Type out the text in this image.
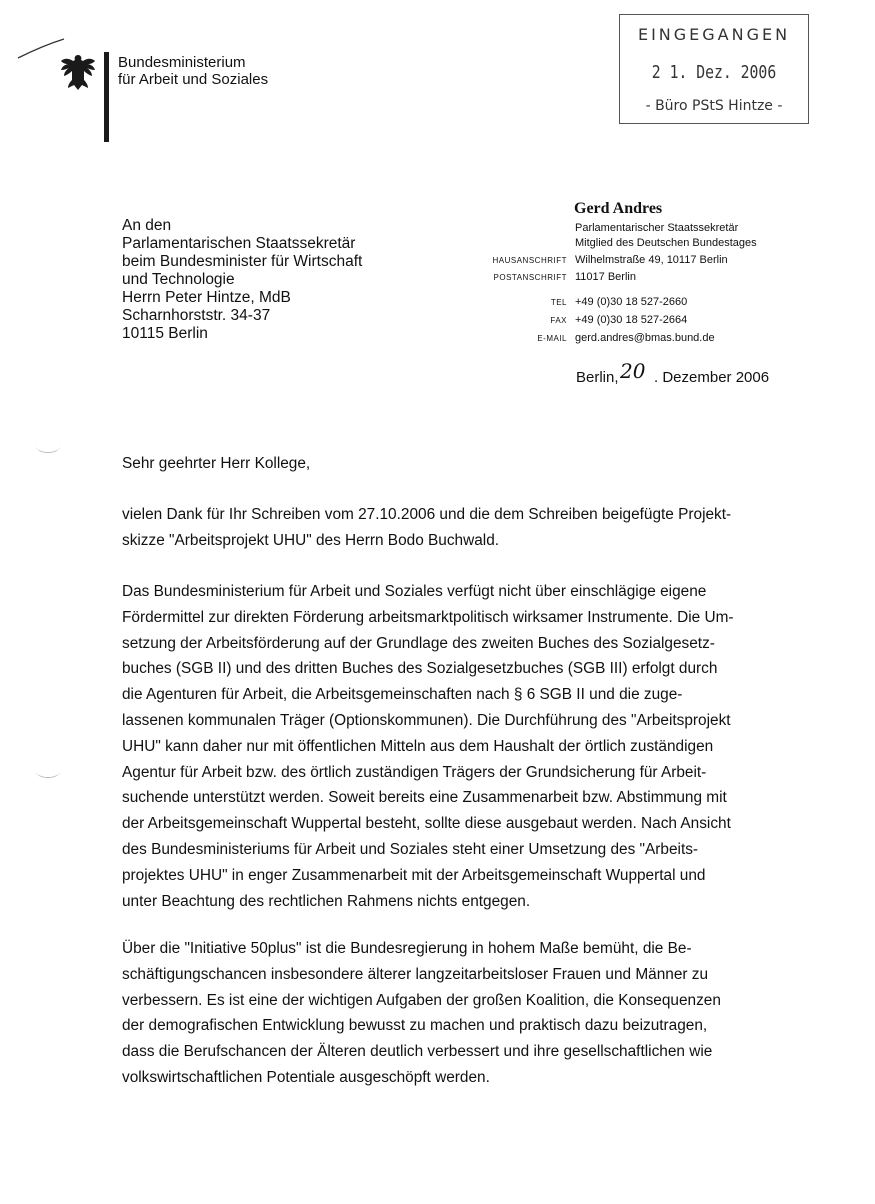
Bundesministerium
für Arbeit und Soziales
EINGEGANGEN
2 1. Dez. 2006
- Büro PStS Hintze -
An den
Parlamentarischen Staatssekretär
beim Bundesminister für Wirtschaft
und Technologie
Herrn Peter Hintze, MdB
Scharnhorststr. 34-37
10115 Berlin
Gerd Andres
Parlamentarischer Staatssekretär
Mitglied des Deutschen Bundestages
HAUSANSCHRIFT Wilhelmstraße 49, 10117 Berlin
POSTANSCHRIFT 11017 Berlin
TEL +49 (0)30 18 527-2660
FAX +49 (0)30 18 527-2664
E-MAIL gerd.andres@bmas.bund.de
Berlin, 20 . Dezember 2006
Sehr geehrter Herr Kollege,
vielen Dank für Ihr Schreiben vom 27.10.2006 und die dem Schreiben beigefügte Projekt-
skizze "Arbeitsprojekt UHU" des Herrn Bodo Buchwald.
Das Bundesministerium für Arbeit und Soziales verfügt nicht über einschlägige eigene
Fördermittel zur direkten Förderung arbeitsmarktpolitisch wirksamer Instrumente. Die Um-
setzung der Arbeitsförderung auf der Grundlage des zweiten Buches des Sozialgesetz-
buches (SGB II) und des dritten Buches des Sozialgesetzbuches (SGB III) erfolgt durch
die Agenturen für Arbeit, die Arbeitsgemeinschaften nach § 6 SGB II und die zuge-
lassenen kommunalen Träger (Optionskommunen). Die Durchführung des "Arbeitsprojekt
UHU" kann daher nur mit öffentlichen Mitteln aus dem Haushalt der örtlich zuständigen
Agentur für Arbeit bzw. des örtlich zuständigen Trägers der Grundsicherung für Arbeit-
suchende unterstützt werden. Soweit bereits eine Zusammenarbeit bzw. Abstimmung mit
der Arbeitsgemeinschaft Wuppertal besteht, sollte diese ausgebaut werden. Nach Ansicht
des Bundesministeriums für Arbeit und Soziales steht einer Umsetzung des "Arbeits-
projektes UHU" in enger Zusammenarbeit mit der Arbeitsgemeinschaft Wuppertal und
unter Beachtung des rechtlichen Rahmens nichts entgegen.
Über die "Initiative 50plus" ist die Bundesregierung in hohem Maße bemüht, die Be-
schäftigungschancen insbesondere älterer langzeitarbeitsloser Frauen und Männer zu
verbessern. Es ist eine der wichtigen Aufgaben der großen Koalition, die Konsequenzen
der demografischen Entwicklung bewusst zu machen und praktisch dazu beizutragen,
dass die Berufschancen der Älteren deutlich verbessert und ihre gesellschaftlichen wie
volkswirtschaftlichen Potentiale ausgeschöpft werden.
